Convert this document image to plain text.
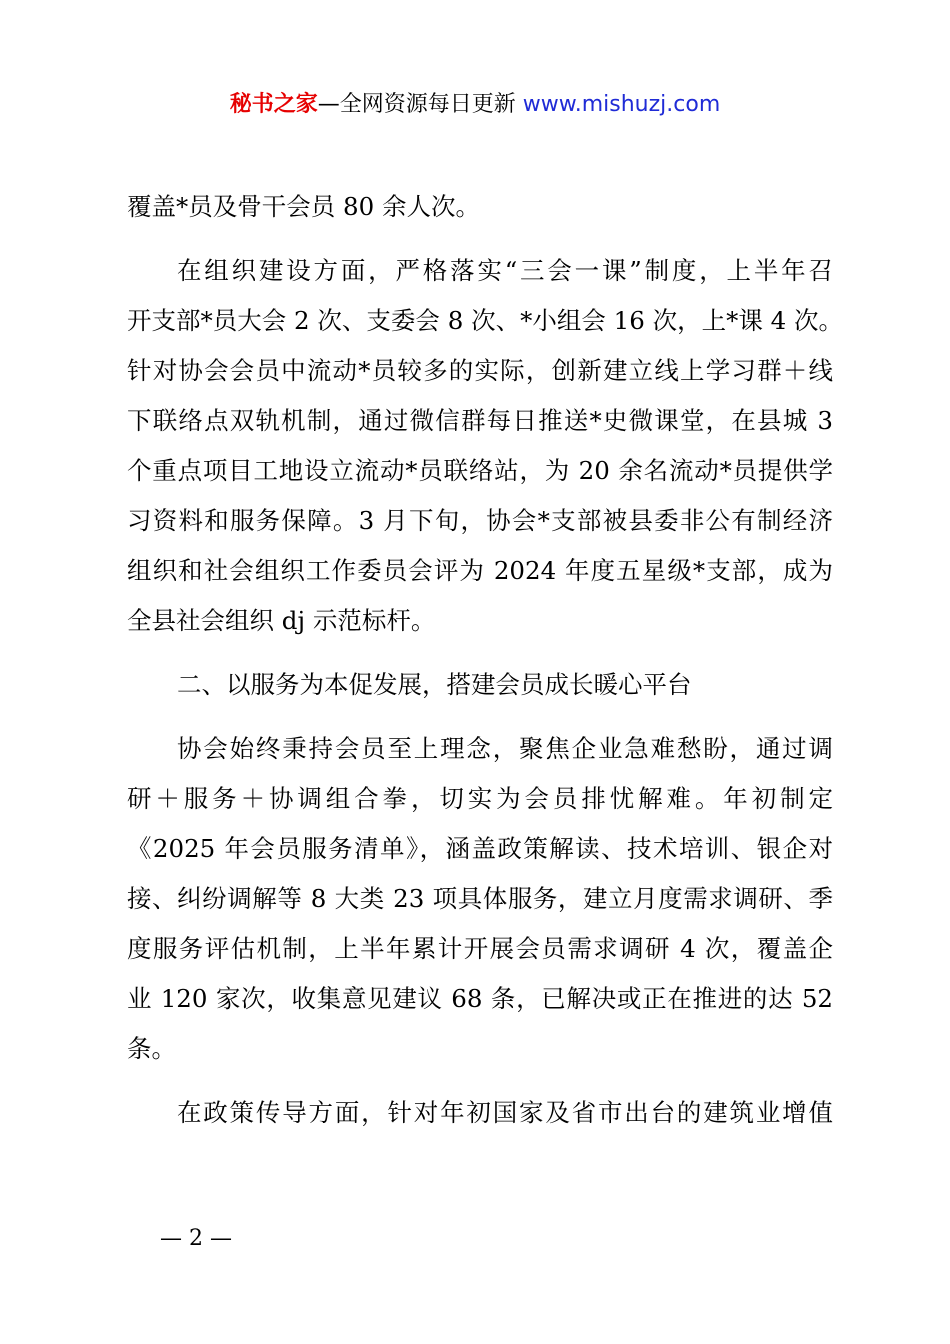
秘书之家—全网资源每日更新 www.mishuzj.com
覆盖*员及骨干会员 80 余人次。
在组织建设方面，严格落实“三会一课”制度，上半年召
开支部*员大会 2 次、支委会 8 次、*小组会 16 次，上*课 4 次。
针对协会会员中流动*员较多的实际，创新建立线上学习群＋线
下联络点双轨机制，通过微信群每日推送*史微课堂，在县城 3
个重点项目工地设立流动*员联络站，为 20 余名流动*员提供学
习资料和服务保障。3 月下旬，协会*支部被县委非公有制经济
组织和社会组织工作委员会评为 2024 年度五星级*支部，成为
全县社会组织 dj 示范标杆。
二、以服务为本促发展，搭建会员成长暖心平台
协会始终秉持会员至上理念，聚焦企业急难愁盼，通过调
研＋服务＋协调组合拳，切实为会员排忧解难。年初制定
《2025 年会员服务清单》，涵盖政策解读、技术培训、银企对
接、纠纷调解等 8 大类 23 项具体服务，建立月度需求调研、季
度服务评估机制，上半年累计开展会员需求调研 4 次，覆盖企
业 120 家次，收集意见建议 68 条，已解决或正在推进的达 52
条。
在政策传导方面，针对年初国家及省市出台的建筑业增值
— 2 —
